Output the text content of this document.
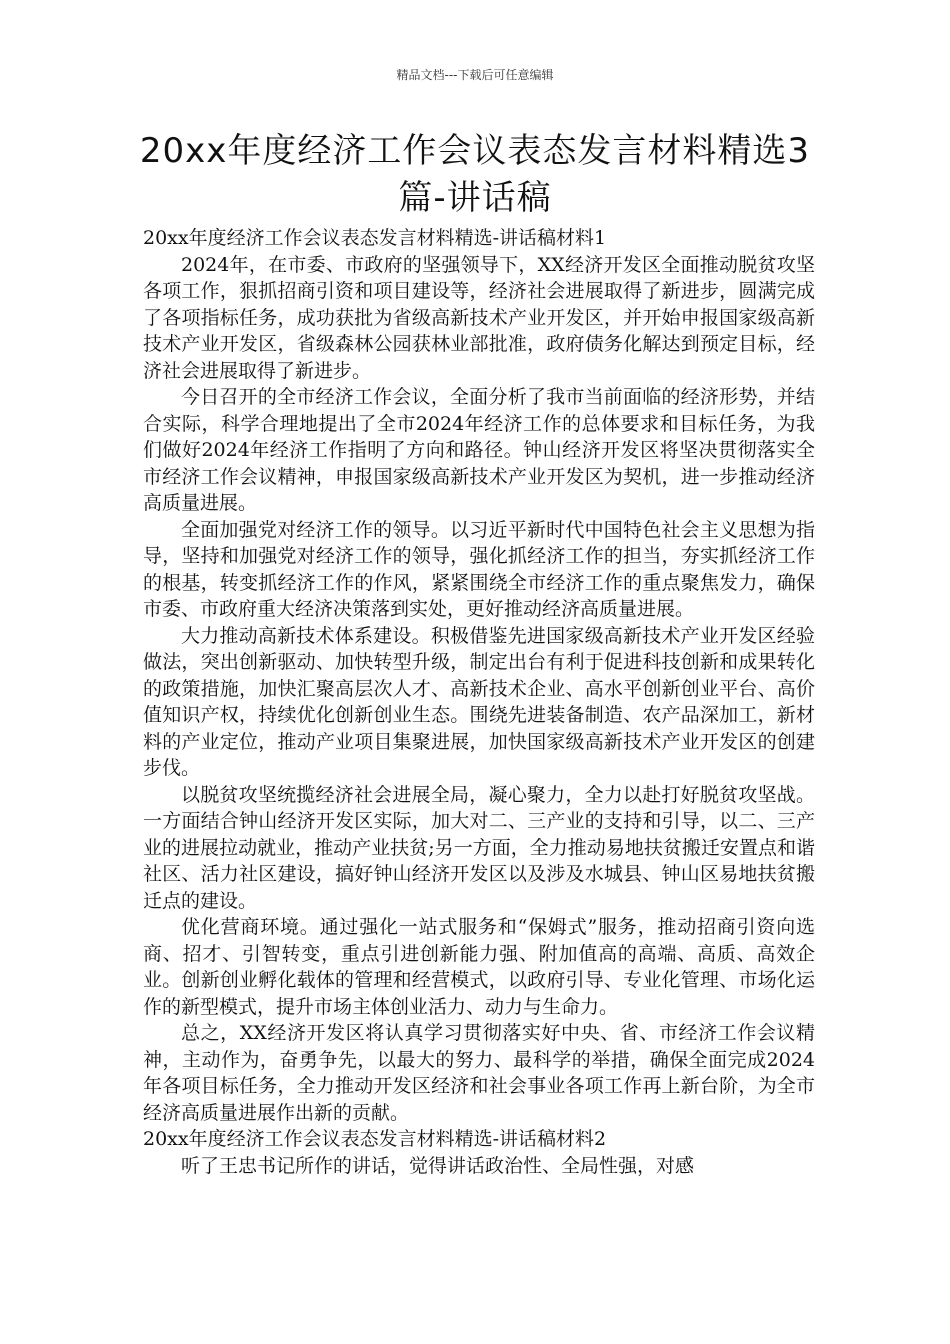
精品文档---下载后可任意编辑
20xx年度经济工作会议表态发言材料精选3篇-讲话稿

20xx年度经济工作会议表态发言材料精选-讲话稿材料1

2024年，在市委、市政府的坚强领导下，XX经济开发区全面推动脱贫攻坚各项工作，狠抓招商引资和项目建设等，经济社会进展取得了新进步，圆满完成了各项指标任务，成功获批为省级高新技术产业开发区，并开始申报国家级高新技术产业开发区，省级森林公园获林业部批准，政府债务化解达到预定目标，经济社会进展取得了新进步。

今日召开的全市经济工作会议，全面分析了我市当前面临的经济形势，并结合实际，科学合理地提出了全市2024年经济工作的总体要求和目标任务，为我们做好2024年经济工作指明了方向和路径。钟山经济开发区将坚决贯彻落实全市经济工作会议精神，申报国家级高新技术产业开发区为契机，进一步推动经济高质量进展。

全面加强党对经济工作的领导。以习近平新时代中国特色社会主义思想为指导，坚持和加强党对经济工作的领导，强化抓经济工作的担当，夯实抓经济工作的根基，转变抓经济工作的作风，紧紧围绕全市经济工作的重点聚焦发力，确保市委、市政府重大经济决策落到实处，更好推动经济高质量进展。

大力推动高新技术体系建设。积极借鉴先进国家级高新技术产业开发区经验做法，突出创新驱动、加快转型升级，制定出台有利于促进科技创新和成果转化的政策措施，加快汇聚高层次人才、高新技术企业、高水平创新创业平台、高价值知识产权，持续优化创新创业生态。围绕先进装备制造、农产品深加工，新材料的产业定位，推动产业项目集聚进展，加快国家级高新技术产业开发区的创建步伐。

以脱贫攻坚统揽经济社会进展全局，凝心聚力，全力以赴打好脱贫攻坚战。一方面结合钟山经济开发区实际，加大对二、三产业的支持和引导，以二、三产业的进展拉动就业，推动产业扶贫;另一方面，全力推动易地扶贫搬迁安置点和谐社区、活力社区建设，搞好钟山经济开发区以及涉及水城县、钟山区易地扶贫搬迁点的建设。

优化营商环境。通过强化一站式服务和“保姆式”服务，推动招商引资向选商、招才、引智转变，重点引进创新能力强、附加值高的高端、高质、高效企业。创新创业孵化载体的管理和经营模式，以政府引导、专业化管理、市场化运作的新型模式，提升市场主体创业活力、动力与生命力。

总之，XX经济开发区将认真学习贯彻落实好中央、省、市经济工作会议精神，主动作为，奋勇争先，以最大的努力、最科学的举措，确保全面完成2024年各项目标任务，全力推动开发区经济和社会事业各项工作再上新台阶，为全市经济高质量进展作出新的贡献。

20xx年度经济工作会议表态发言材料精选-讲话稿材料2

听了王忠书记所作的讲话，觉得讲话政治性、全局性强，对感
